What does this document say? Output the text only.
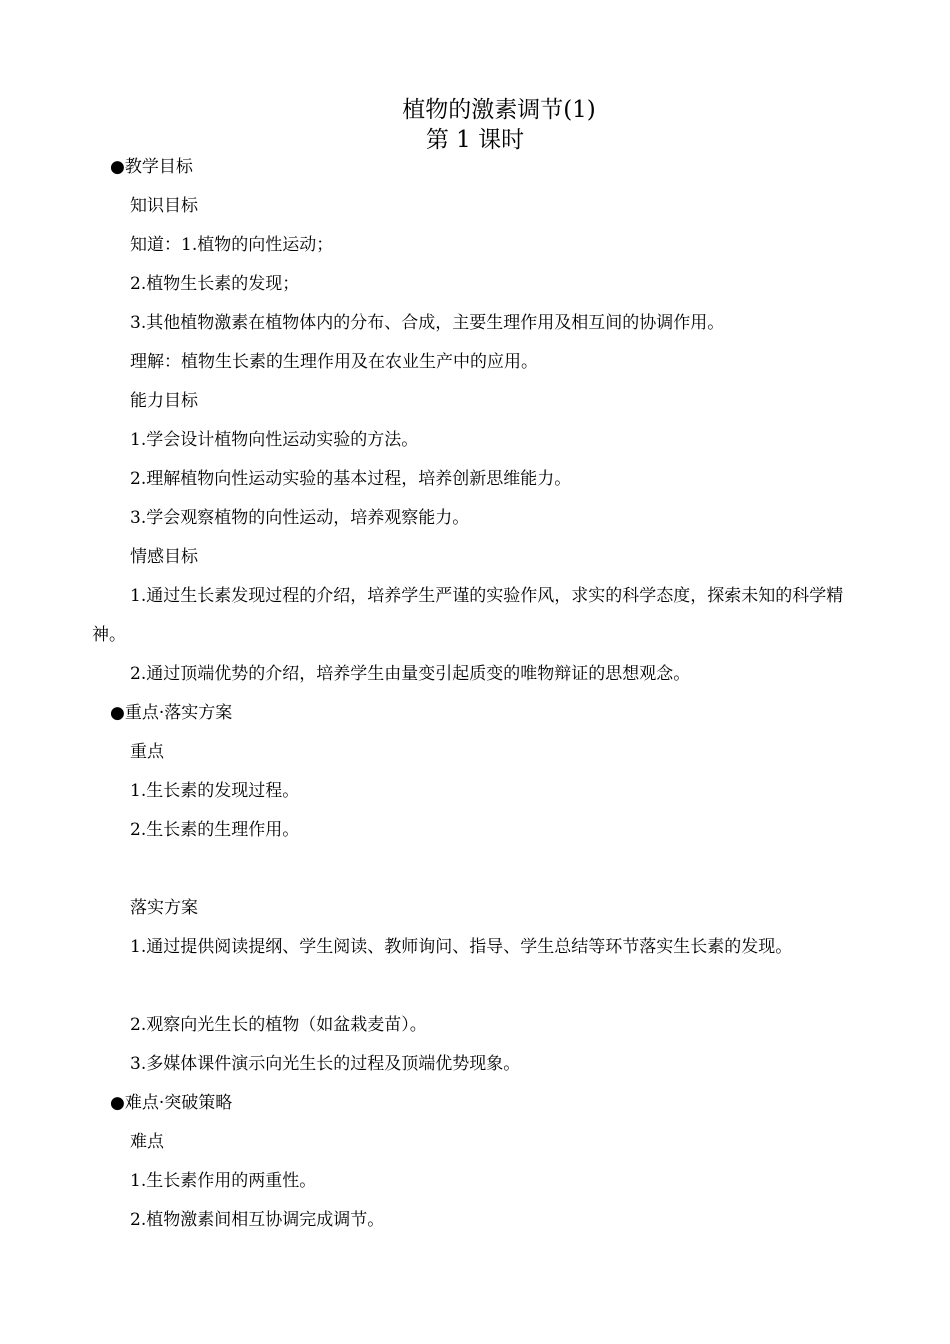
植物的激素调节(1)
第 1 课时
●教学目标
知识目标
知道：1.植物的向性运动；
2.植物生长素的发现；
3.其他植物激素在植物体内的分布、合成，主要生理作用及相互间的协调作用。
理解：植物生长素的生理作用及在农业生产中的应用。
能力目标
1.学会设计植物向性运动实验的方法。
2.理解植物向性运动实验的基本过程，培养创新思维能力。
3.学会观察植物的向性运动，培养观察能力。
情感目标
1.通过生长素发现过程的介绍，培养学生严谨的实验作风，求实的科学态度，探索未知的科学精神。
2.通过顶端优势的介绍，培养学生由量变引起质变的唯物辩证的思想观念。
●重点·落实方案
重点
1.生长素的发现过程。
2.生长素的生理作用。
落实方案
1.通过提供阅读提纲、学生阅读、教师询问、指导、学生总结等环节落实生长素的发现。
2.观察向光生长的植物（如盆栽麦苗）。
3.多媒体课件演示向光生长的过程及顶端优势现象。
●难点·突破策略
难点
1.生长素作用的两重性。
2.植物激素间相互协调完成调节。
